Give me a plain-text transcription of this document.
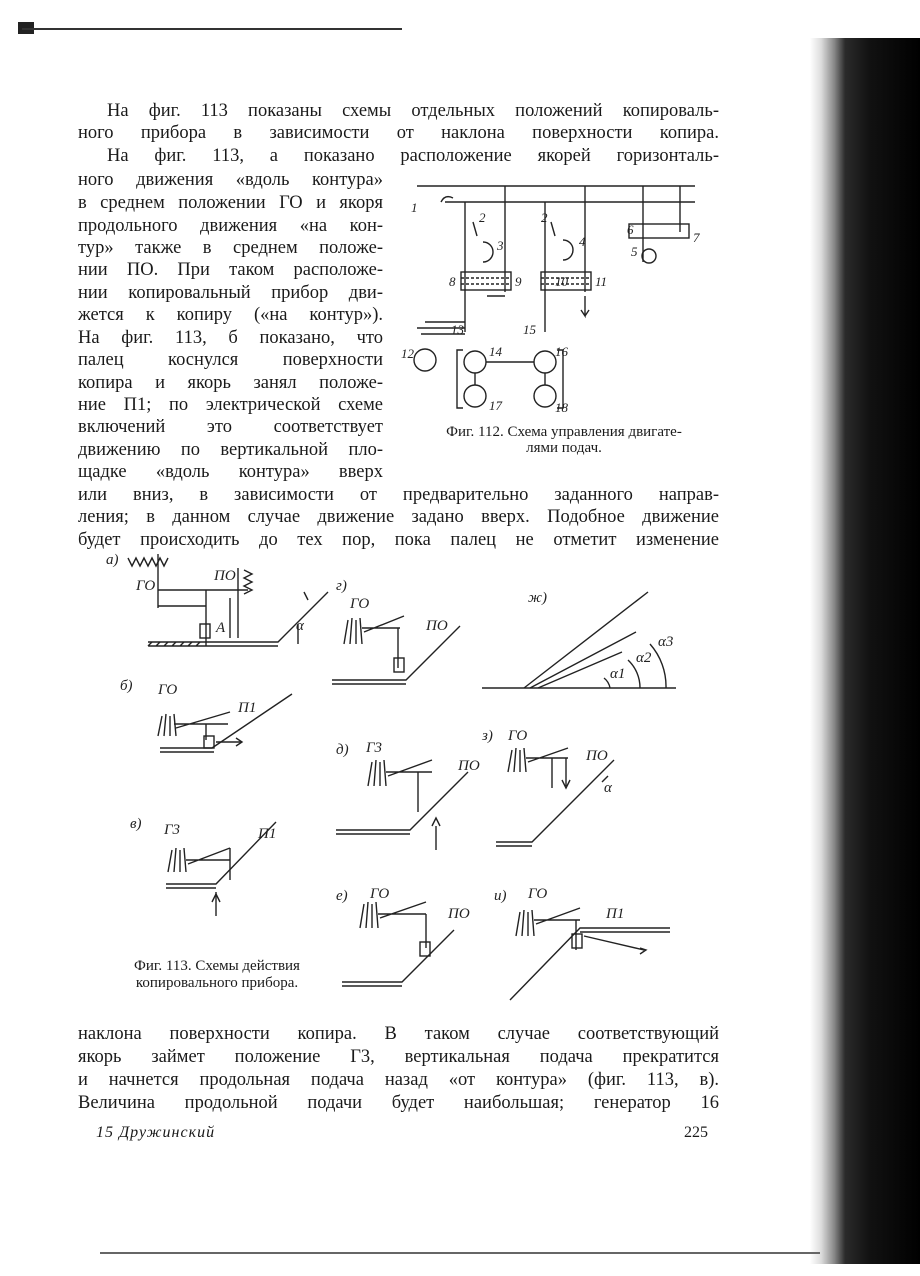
На фиг. 113 показаны схемы отдельных положений копироваль-
ного прибора в зависимости от наклона поверхности копира.
На фиг. 113, а показано расположение якорей горизонталь-
ного движения «вдоль контура»
в среднем положении ГО и якоря
продольного движения «на кон-
тур» также в среднем положе-
нии ПО. При таком расположе-
нии копировальный прибор дви-
жется к копиру («на контур»).
На фиг. 113, б показано, что
палец коснулся поверхности
копира и якорь занял положе-
ние П1; по электрической схеме
включений это соответствует
движению по вертикальной пло-
щадке «вдоль контура» вверх
или вниз, в зависимости от предварительно заданного направ-
ления; в данном случае движение задано вверх. Подобное движение
будет происходить до тех пор, пока палец не отметит изменение
1
2	2
3	4
5
6
7
8	9	10 11
12
13
14
15
16
17	18
Фиг. 112. Схема управления двигате-
лями подач.
а)
б)
в)
г)
д)
е)
ж)
з)
и)
ГО
ПО
А	α
ГО
П1
Г3	П1
ГО
ПО
Г3
ПО
ГО
ПО
α3
α2
α1
ГО
ПО
α
ГО
П1
Фиг. 113. Схемы действия
копировального прибора.
наклона поверхности копира. В таком случае соответствующий
якорь займет положение Г3, вертикальная подача прекратится
и начнется продольная подача назад «от контура» (фиг. 113, в).
Величина продольной подачи будет наибольшая; генератор 16
15 Дружинский	225
